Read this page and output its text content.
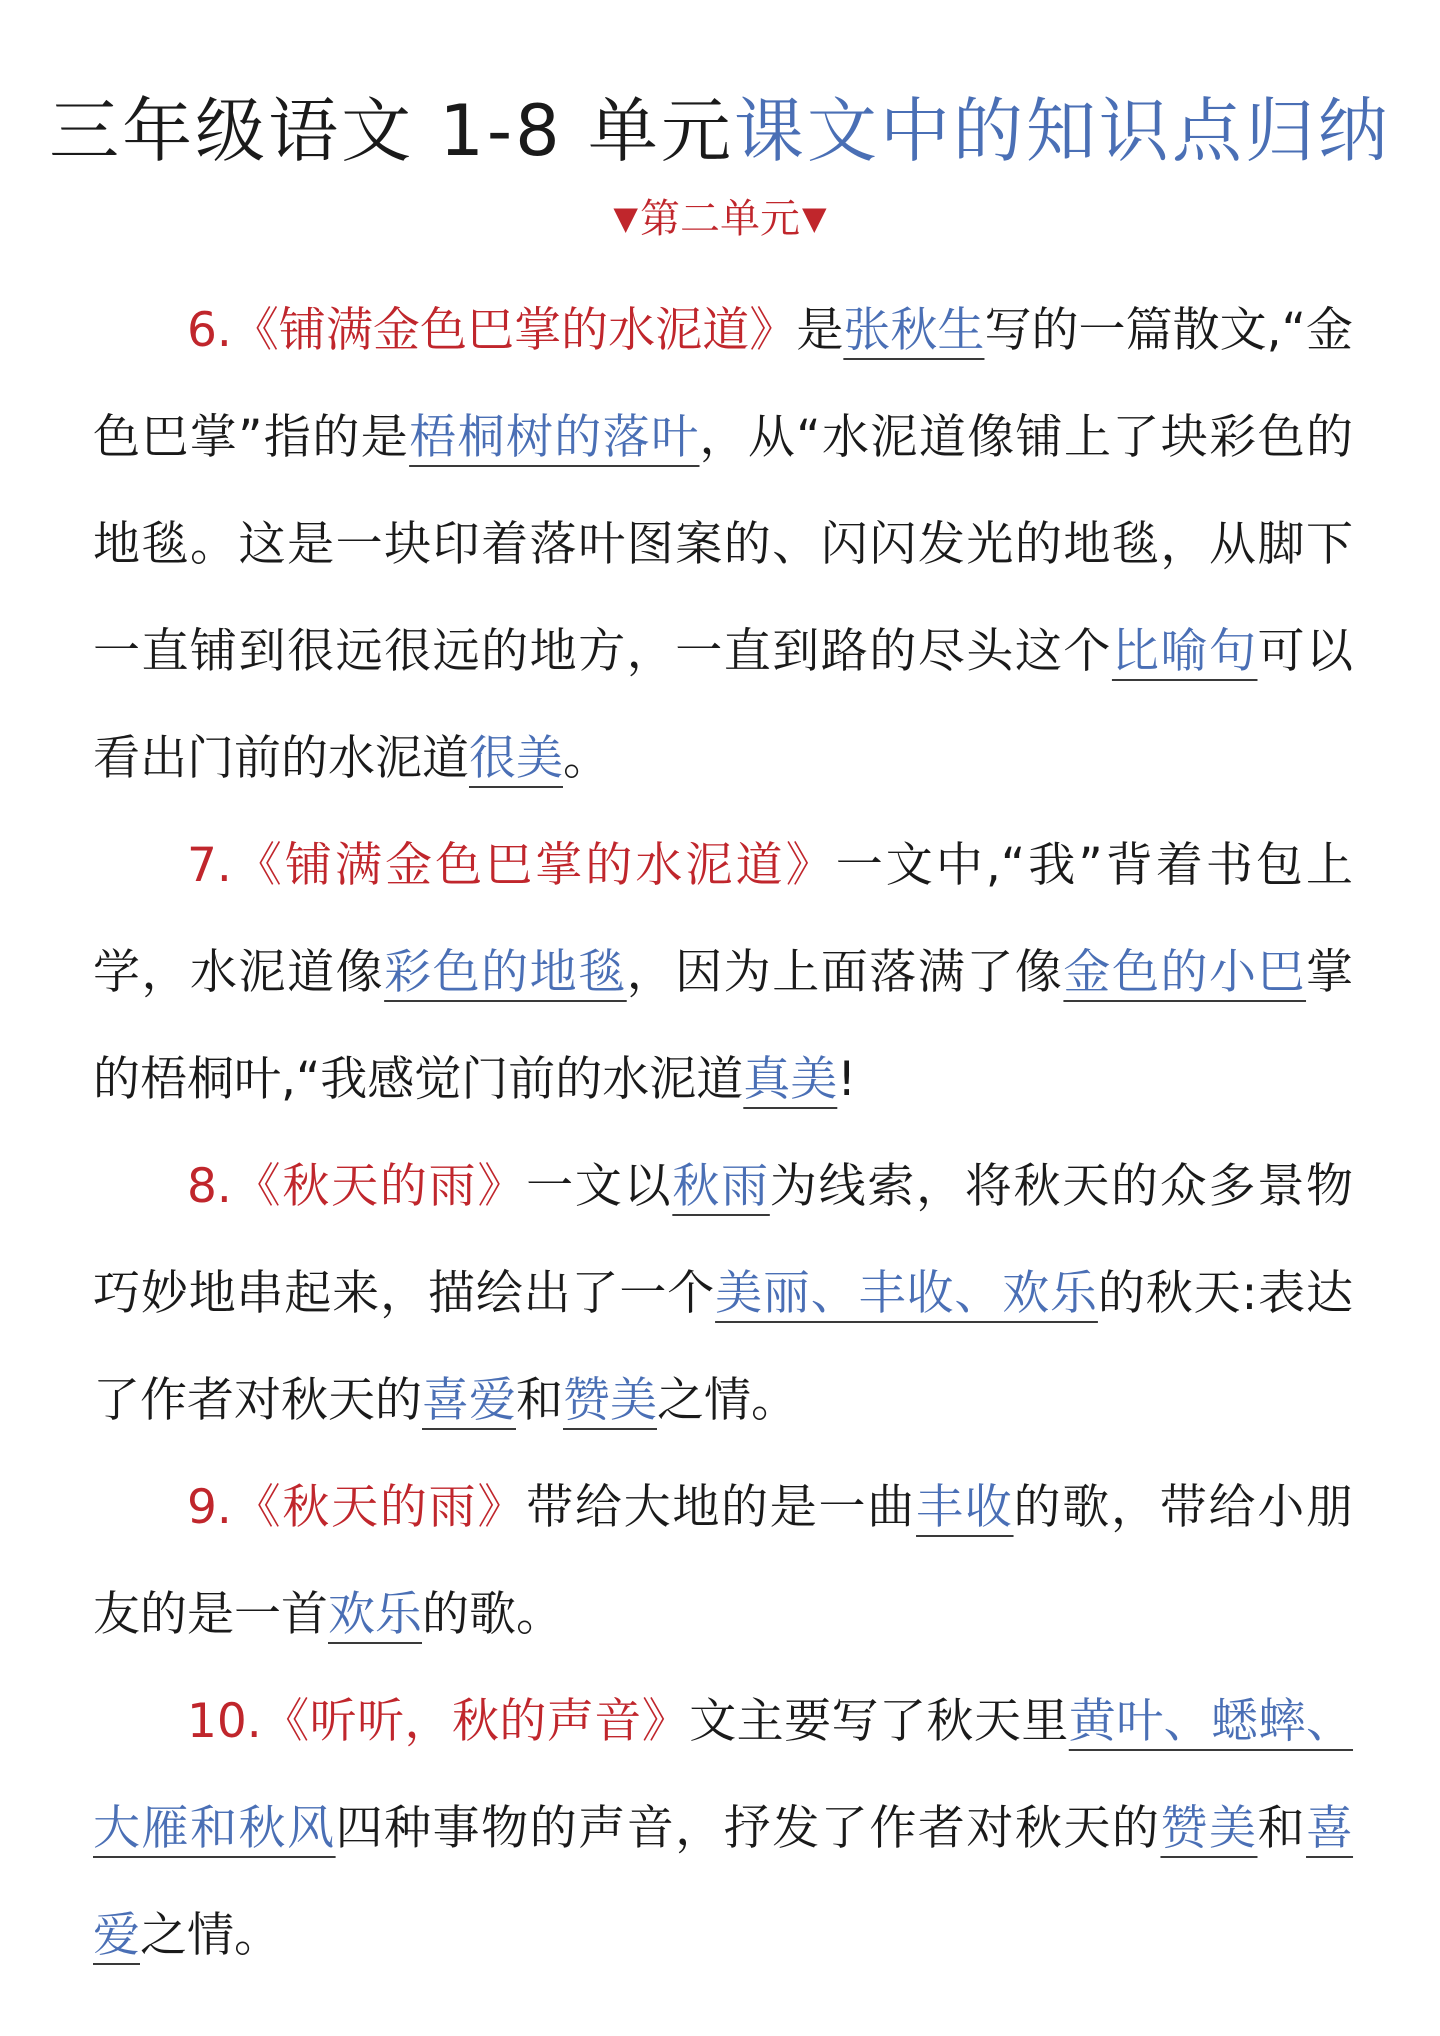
三年级语文 1-8 单元课文中的知识点归纳
▼第二单元▼

6.《铺满金色巴掌的水泥道》是张秋生写的一篇散文,“金色巴掌”指的是梧桐树的落叶，从“水泥道像铺上了块彩色的地毯。这是一块印着落叶图案的、闪闪发光的地毯，从脚下一直铺到很远很远的地方，一直到路的尽头这个比喻句可以看出门前的水泥道很美。

7.《铺满金色巴掌的水泥道》一文中,“我”背着书包上学，水泥道像彩色的地毯，因为上面落满了像金色的小巴掌的梧桐叶,“我感觉门前的水泥道真美!

8.《秋天的雨》一文以秋雨为线索，将秋天的众多景物巧妙地串起来，描绘出了一个美丽、丰收、欢乐的秋天:表达了作者对秋天的喜爱和赞美之情。

9.《秋天的雨》带给大地的是一曲丰收的歌，带给小朋友的是一首欢乐的歌。

10.《听听，秋的声音》文主要写了秋天里黄叶、蟋蟀、大雁和秋风四种事物的声音，抒发了作者对秋天的赞美和喜爱之情。
